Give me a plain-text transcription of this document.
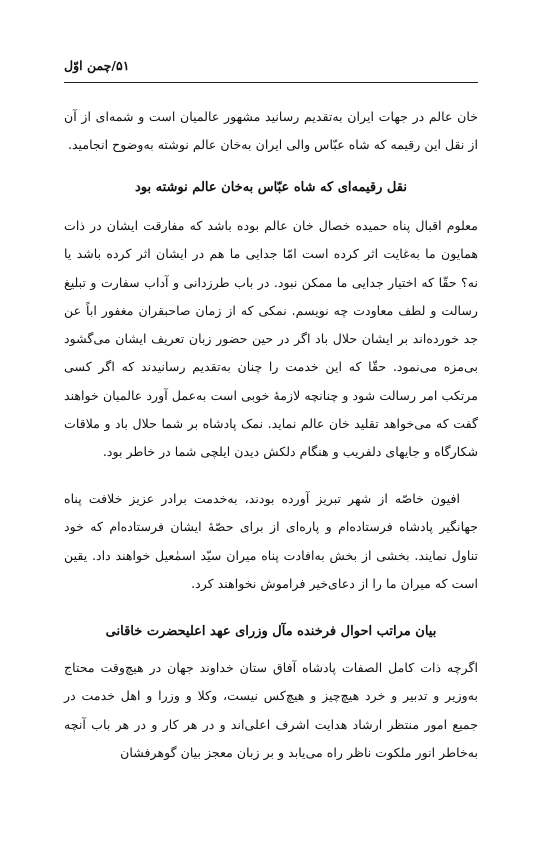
۵۱/چمن اوّل

خان عالم در جهات ایران به‌تقدیم رسانید مشهور عالمیان است و شمه‌ای از آن از نقل این رقیمه که شاه عبّاس والی ایران به‌خان عالم نوشته به‌وضوح انجامید.

نقل رقیمه‌ای که شاه عبّاس به‌خان عالم نوشته بود

معلوم اقبال پناه حمیده خصال خان عالم بوده باشد که مفارقت ایشان در ذات همایون ما به‌غایت اثر کرده است امّا جدایی ما هم در ایشان اثر کرده باشد یا نه؟ حقّا که اختیار جدایی ما ممکن نبود. در باب طرزدانی و آداب سفارت و تبلیغ رسالت و لطف معاودت چه نویسم. نمکی که از زمان صاحبقران مغفور اباً عن جد خورده‌اند بر ایشان حلال باد اگر در حین حضور زبان تعریف ایشان می‌گشود بی‌مزه می‌نمود. حقّا که این خدمت را چنان به‌تقدیم رسانیدند که اگر کسی مرتکب امر رسالت شود و چنانچه لازمهٔ خوبی است به‌عمل آورد عالمیان خواهند گفت که می‌خواهد تقلید خان عالم نماید. نمک پادشاه بر شما حلال باد و ملاقات شکارگاه و جایهای دلفریب و هنگام دلکش دیدن ایلچی شما در خاطر بود.

افیون خاصّه از شهر تبریز آورده بودند، به‌خدمت برادر عزیز خلافت پناه جهانگیر پادشاه فرستاده‌ام و پاره‌ای از برای حصّهٔ ایشان فرستاده‌ام که خود تناول نمایند. بخشی از بخش به‌افادت پناه میران سیّد اسمٰعیل خواهند داد. یقین است که میران ما را از دعای‌خیر فراموش نخواهند کرد.

بیان مراتب احوال فرخنده مآل وزرای عهد اعلیحضرت خاقانی

اگرچه ذات کامل الصفات پادشاه آفاق ستان خداوند جهان در هیچ‌وقت محتاج به‌وزیر و تدبیر و خرد هیچ‌چیز و هیچ‌کس نیست، وکلا و وزرا و اهل خدمت در جمیع امور منتظر ارشاد هدایت اشرف اعلی‌اند و در هر کار و در هر باب آنچه به‌خاطر انور ملکوت ناظر راه می‌یابد و بر زبان معجز بیان گوهرفشان
